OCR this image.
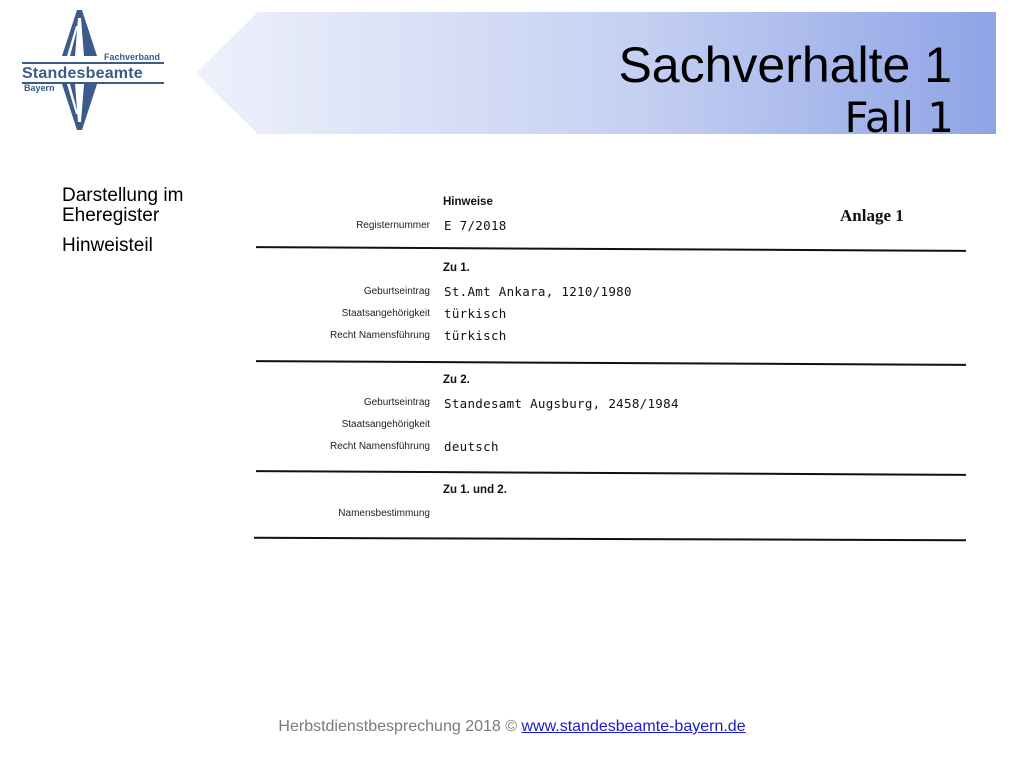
Fachverband
Standesbeamte
Bayern	Sachverhalte 1
Fall 1

Darstellung im Eheregister

Hinweisteil

Hinweise
Anlage 1
Registernummer E 7/2018
Zu 1.
Geburtseintrag St.Amt Ankara, 1210/1980
Staatsangehörigkeit türkisch
Recht Namensführung türkisch
Zu 2.
Geburtseintrag Standesamt Augsburg, 2458/1984
Staatsangehörigkeit
Recht Namensführung deutsch
Zu 1. und 2.
Namensbestimmung
Herbstdienstbesprechung 2018 © www.standesbeamte-bayern.de
